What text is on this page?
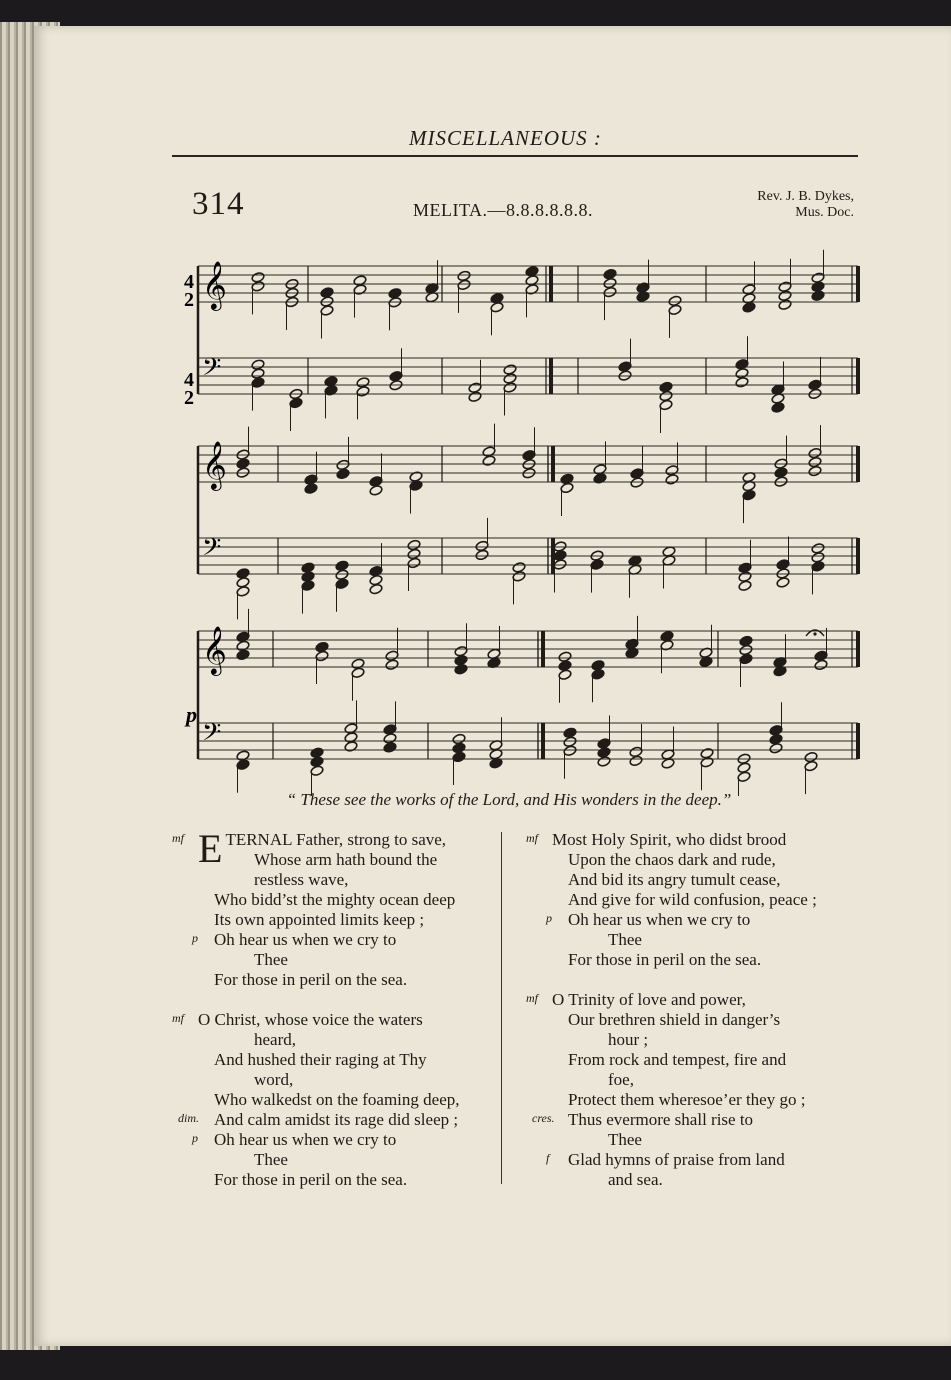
MISCELLANEOUS :
314	MELITA.—8.8.8.8.8.8.
Rev. J. B. Dykes,
Mus. Doc.
𝄞
𝄢
𝄞
𝄢
𝄞
𝄢
4
2
4
2
p
“ These see the works of the Lord, and His wonders in the deep.”
mf E TERNAL Father, strong to save,
Whose arm hath bound the
restless wave,
Who bidd’st the mighty ocean deep
Its own appointed limits keep ;
p Oh hear us when we cry to
Thee
For those in peril on the sea.
mf O Christ, whose voice the waters
heard,
And hushed their raging at Thy
word,
Who walkedst on the foaming deep,
dim. And calm amidst its rage did sleep ;
p Oh hear us when we cry to
Thee
For those in peril on the sea.
mf Most Holy Spirit, who didst brood
Upon the chaos dark and rude,
And bid its angry tumult cease,
And give for wild confusion, peace ;
p Oh hear us when we cry to
Thee
For those in peril on the sea.
mf O Trinity of love and power,
Our brethren shield in danger’s
hour ;
From rock and tempest, fire and
foe,
Protect them wheresoe’er they go ;
cres. Thus evermore shall rise to
Thee
f Glad hymns of praise from land
and sea.
